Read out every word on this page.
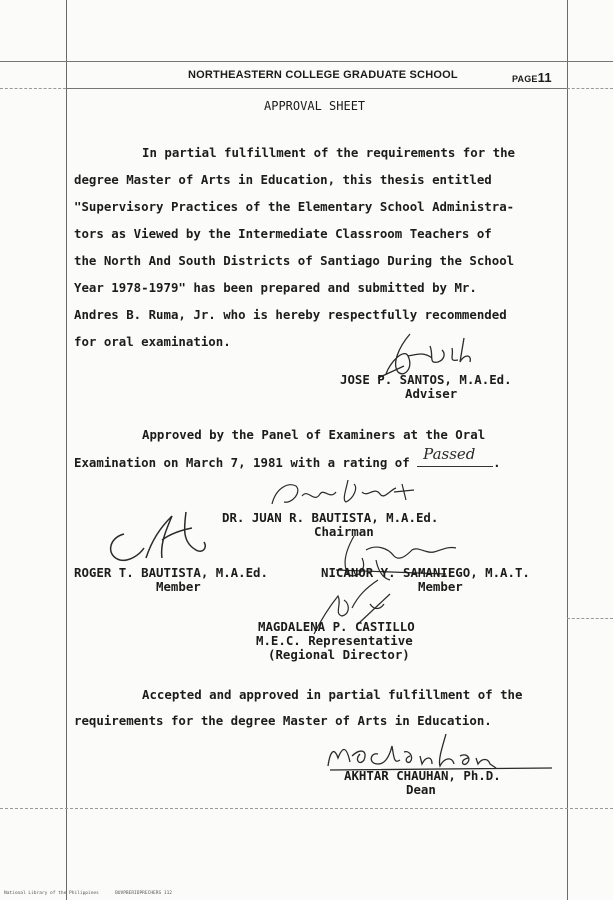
NORTHEASTERN COLLEGE GRADUATE SCHOOL	PAGE11
APPROVAL SHEET
In partial fulfillment of the requirements for the
degree Master of Arts in Education, this thesis entitled
"Supervisory Practices of the Elementary School Administra-
tors as Viewed by the Intermediate Classroom Teachers of
the North And South Districts of Santiago During the School
Year 1978-1979" has been prepared and submitted by Mr.
Andres B. Ruma, Jr. who is hereby respectfully recommended
for oral examination.
JOSE P. SANTOS, M.A.Ed.
Adviser
Approved by the Panel of Examiners at the Oral
Examination on March 7, 1981 with a rating of Passed .
DR. JUAN R. BAUTISTA, M.A.Ed.
Chairman
ROGER T. BAUTISTA, M.A.Ed.
Member
NICANOR Y. SAMANIEGO, M.A.T.
Member
MAGDALENA P. CASTILLO
M.E.C. Representative
(Regional Director)
Accepted and approved in partial fulfillment of the
requirements for the degree Master of Arts in Education.
AKHTAR CHAUHAN, Ph.D.
Dean
National Library of the Philippines	BUVPBERIDPRECHERS 112
